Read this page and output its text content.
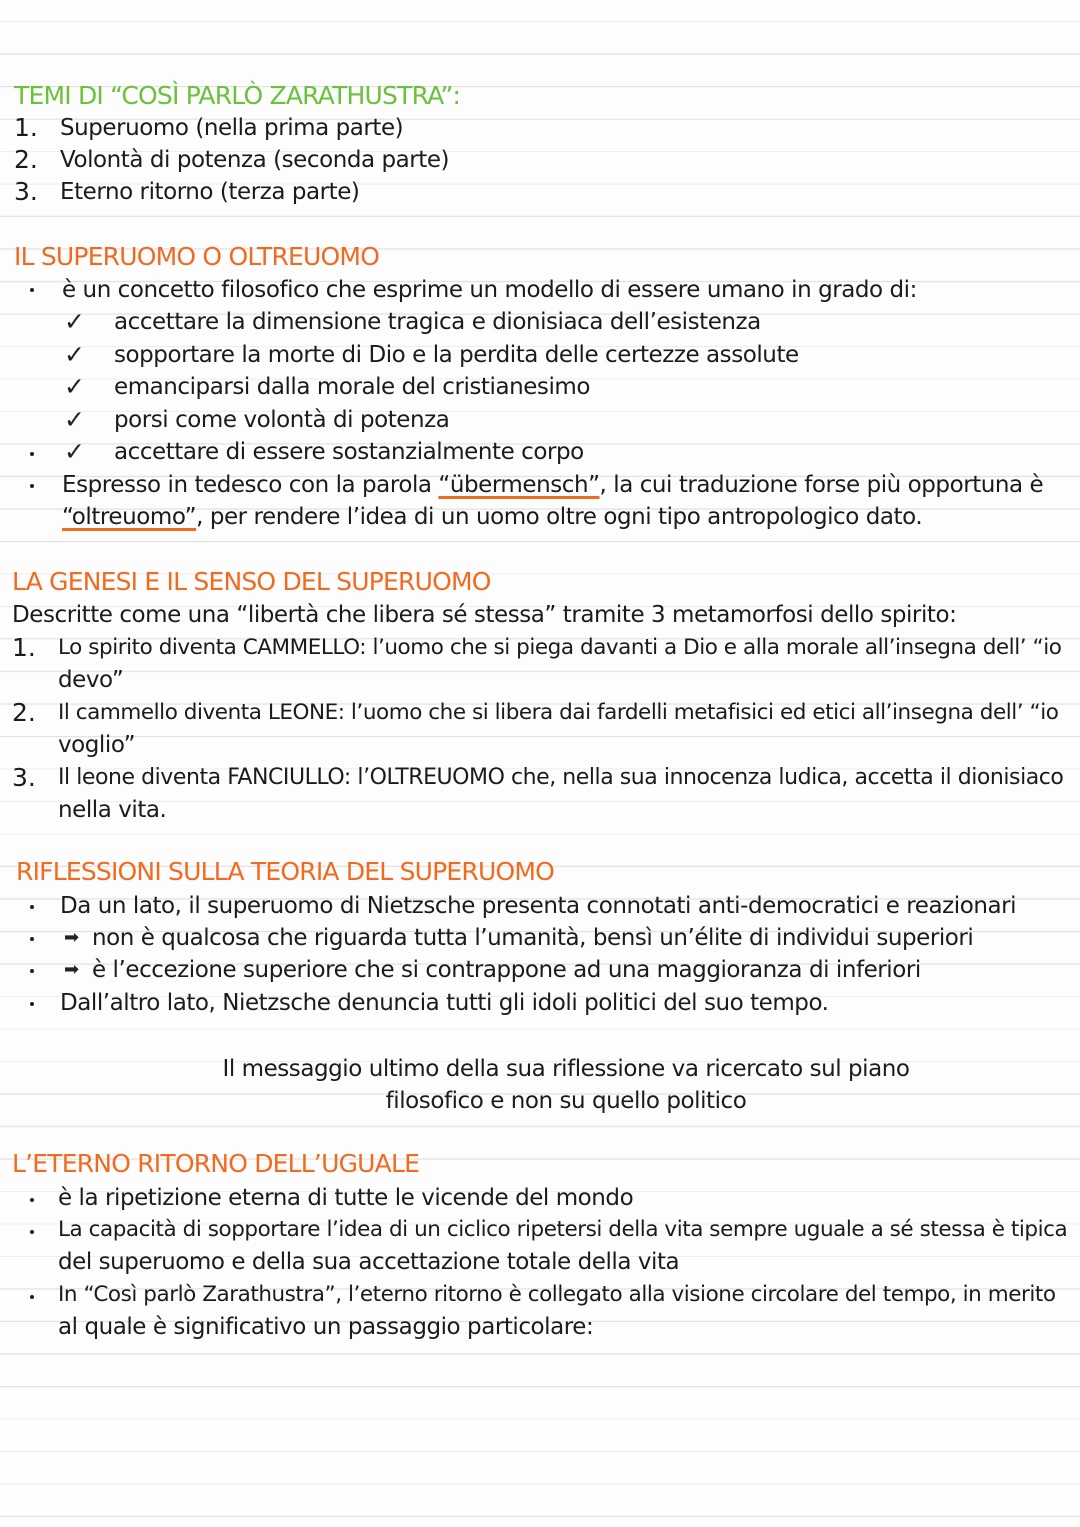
TEMI DI “COSÌ PARLÒ ZARATHUSTRA”:
1. Superuomo (nella prima parte)
2. Volontà di potenza (seconda parte)
3. Eterno ritorno (terza parte)
IL SUPERUOMO O OLTREUOMO
è un concetto filosofico che esprime un modello di essere umano in grado di:
✓ accettare la dimensione tragica e dionisiaca dell’esistenza
✓ sopportare la morte di Dio e la perdita delle certezze assolute
✓ emanciparsi dalla morale del cristianesimo
✓ porsi come volontà di potenza
✓ accettare di essere sostanzialmente corpo
Espresso in tedesco con la parola “übermensch”, la cui traduzione forse più opportuna è
“oltreuomo”, per rendere l’idea di un uomo oltre ogni tipo antropologico dato.
LA GENESI E IL SENSO DEL SUPERUOMO
Descritte come una “libertà che libera sé stessa” tramite 3 metamorfosi dello spirito:
1. Lo spirito diventa CAMMELLO: l’uomo che si piega davanti a Dio e alla morale all’insegna dell’ “io
devo”
2. Il cammello diventa LEONE: l’uomo che si libera dai fardelli metafisici ed etici all’insegna dell’ “io
voglio”
3. Il leone diventa FANCIULLO: l’OLTREUOMO che, nella sua innocenza ludica, accetta il dionisiaco
nella vita.
RIFLESSIONI SULLA TEORIA DEL SUPERUOMO
Da un lato, il superuomo di Nietzsche presenta connotati anti-democratici e reazionari
➡ non è qualcosa che riguarda tutta l’umanità, bensì un’élite di individui superiori
➡ è l’eccezione superiore che si contrappone ad una maggioranza di inferiori
Dall’altro lato, Nietzsche denuncia tutti gli idoli politici del suo tempo.
Il messaggio ultimo della sua riflessione va ricercato sul piano
filosofico e non su quello politico
L’ETERNO RITORNO DELL’UGUALE
è la ripetizione eterna di tutte le vicende del mondo
La capacità di sopportare l’idea di un ciclico ripetersi della vita sempre uguale a sé stessa è tipica
del superuomo e della sua accettazione totale della vita
In “Così parlò Zarathustra”, l’eterno ritorno è collegato alla visione circolare del tempo, in merito
al quale è significativo un passaggio particolare:
